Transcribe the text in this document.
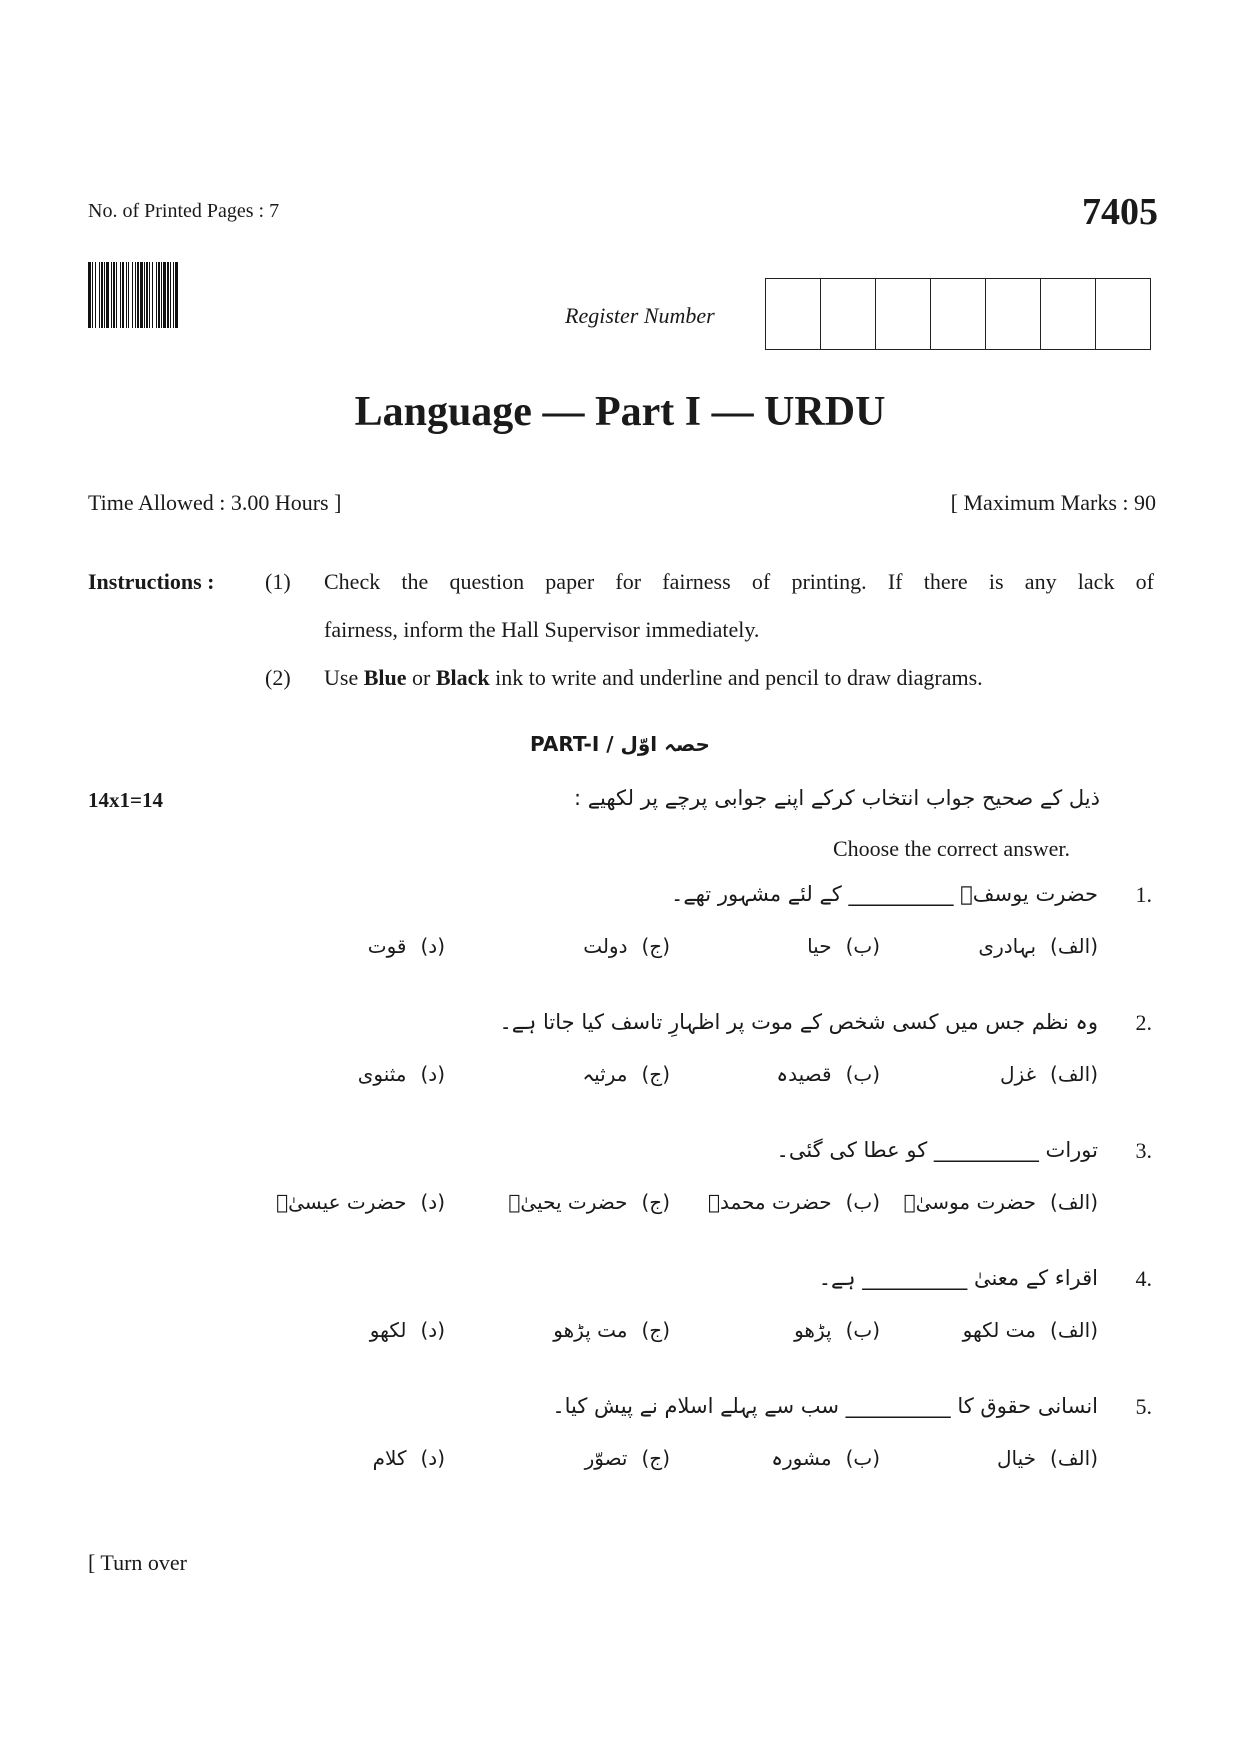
No. of Printed Pages : 7	7405
Register Number
Language — Part I — URDU
Time Allowed : 3.00 Hours ]	[ Maximum Marks : 90
Instructions : (1) Check the question paper for fairness of printing. If there is any lack of
fairness, inform the Hall Supervisor immediately.
(2) Use Blue or Black ink to write and underline and pencil to draw diagrams.
PART-I / حصہ اوّل
14x1=14	ذیل کے صحیح جواب انتخاب کرکے اپنے جوابی پرچے پر لکھیے :
Choose the correct answer.
1.
حضرت یوسفؑ __________ کے لئے مشہور تھے۔
(الف)بہادری
(ب)حیا
(ج)دولت
(د)قوت
2.
وہ نظم جس میں کسی شخص کے موت پر اظہارِ تاسف کیا جاتا ہے۔
(الف)غزل
(ب)قصیدہ
(ج)مرثیہ
(د)مثنوی
3.
تورات __________ کو عطا کی گئی۔
(الف)حضرت موسیٰؑ
(ب)حضرت محمدؐ
(ج)حضرت یحییٰؑ
(د)حضرت عیسیٰؑ
4.
اقراء کے معنیٰ __________ ہے۔
(الف)مت لکھو
(ب)پڑھو
(ج)مت پڑھو
(د)لکھو
5.
انسانی حقوق کا __________ سب سے پہلے اسلام نے پیش کیا۔
(الف)خیال
(ب)مشورہ
(ج)تصوّر
(د)کلام
[ Turn over
